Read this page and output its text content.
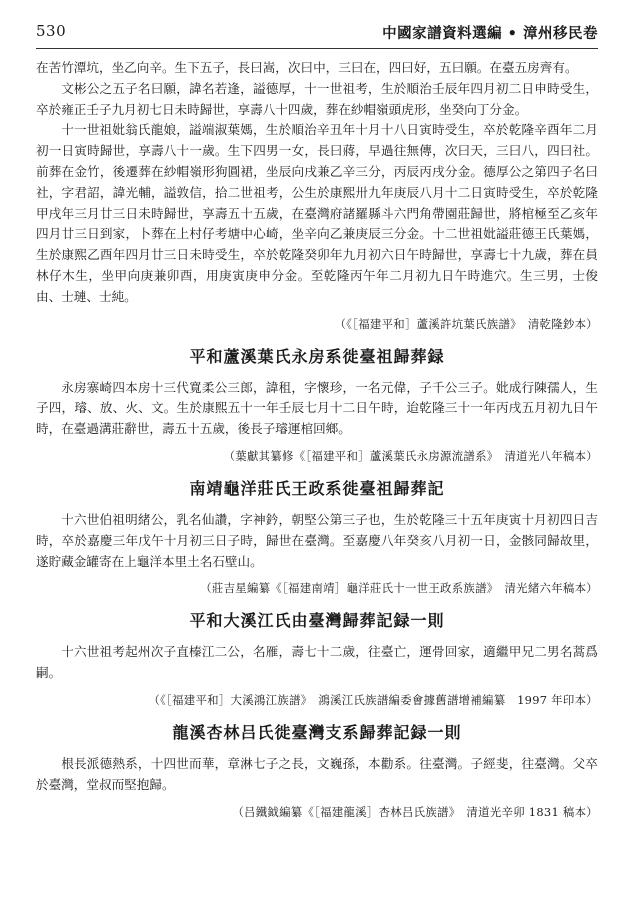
530	中國家譜資料選編 • 漳州移民卷

在苦竹潭坑，坐乙向辛。生下五子，長曰嵩，次曰中，三曰在，四曰好，五曰願。在臺五房齊有。

文彬公之五子名曰願，諱名若逢，謚德厚，十一世祖考，生於順治壬辰年四月初二日申時受生，卒於雍正壬子九月初七日未時歸世，享壽八十四歲，葬在紗帽嶺頭虎形，坐癸向丁分金。

十一世祖妣翁氏龍娘，謚端淑葉媽，生於順治辛丑年十月十八日寅時受生，卒於乾隆辛酉年二月初一日寅時歸世，享壽八十一歲。生下四男一女，長曰蔣，早過往無傳，次曰天，三曰八，四曰社。前葬在金竹，後遷葬在紗帽嶺形狗圓裙，坐辰向戌兼乙辛三分，丙辰丙戌分金。德厚公之第四子名曰社，字君詔，諱光輔，謚敦信，拾二世祖考，公生於康熙卅九年庚辰八月十二日寅時受生，卒於乾隆甲戌年三月廿三日未時歸世，享壽五十五歲，在臺灣府諸羅縣斗六門角帶園莊歸世，將棺極至乙亥年四月廿三日到家，卜葬在上村仔考塘中心崎，坐辛向乙兼庚辰三分金。十二世祖妣謚莊德王氏葉媽，生於康熙乙酉年四月廿三日未時受生，卒於乾隆癸卯年九月初六日午時歸世，享壽七十九歲，葬在員林仔木生，坐甲向庚兼卯酉，用庚寅庚申分金。至乾隆丙午年二月初九日午時進穴。生三男，士俊由、士璉、士純。

（《［福建平和］蘆溪許坑葉氏族譜》　清乾隆鈔本）

平和蘆溪葉氏永房系徙臺祖歸葬録

永房寨崎四本房十三代寬柔公三郎，諱租，字懷珍，一名元偉，子千公三子。妣成行陳孺人，生子四，璿、放、火、文。生於康熙五十一年壬辰七月十二日午時，迨乾隆三十一年丙戌五月初九日午時，在臺過溝莊辭世，壽五十五歲，後長子璿運棺回鄉。

（葉獻其纂修《［福建平和］蘆溪葉氏永房源流譜系》　清道光八年稿本）

南靖龜洋莊氏王政系徙臺祖歸葬記

十六世伯祖明緒公，乳名仙讚，字神鈐，朝堅公第三子也，生於乾隆三十五年庚寅十月初四日吉時，卒於嘉慶三年戊午十月初三日子時，歸世在臺灣。至嘉慶八年癸亥八月初一日，金骸同歸故里，遂貯藏金罐寄在上龜洋本里土名石壁山。

（莊吉星編纂《［福建南靖］龜洋莊氏十一世王政系族譜》　清光緒六年稿本）

平和大溪江氏由臺灣歸葬記録一則

十六世祖考起州次子直榛江二公，名雁，壽七十二歲，往臺亡，運骨回家，適繼甲兄二男名蒿爲嗣。

（《［福建平和］大溪鴻江族譜》　鴻溪江氏族譜編委會據舊譜增補編纂　1997 年印本）

龍溪杏林吕氏徙臺灣支系歸葬記録一則

根長派德熱系，十四世而華，章淋七子之長，文巍孫，本勸系。往臺灣。子經斐，往臺灣。父卒於臺灣，堂叔而堅抱歸。

（吕鐵鉞編纂《［福建龍溪］杏林吕氏族譜》　清道光辛卯 1831 稿本）
